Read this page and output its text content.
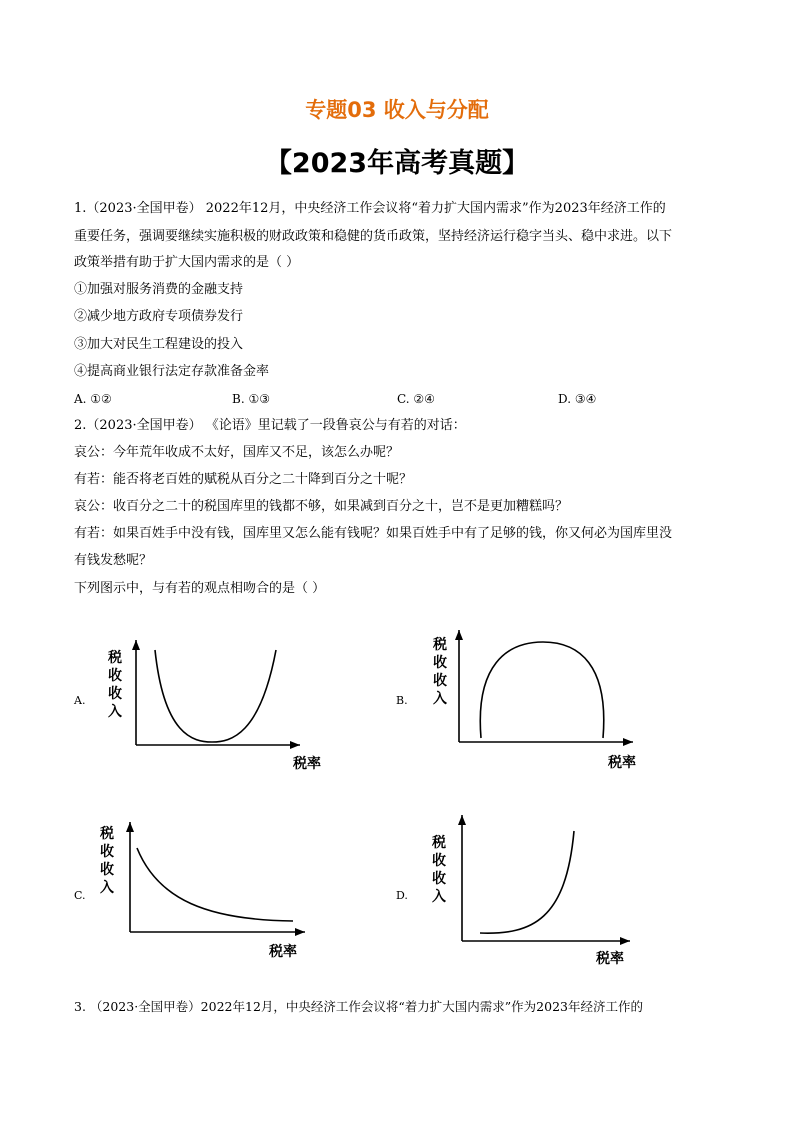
专题03 收入与分配
【2023年高考真题】
1.（2023·全国甲卷） 2022年12月，中央经济工作会议将“着力扩大国内需求”作为2023年经济工作的
重要任务，强调要继续实施积极的财政政策和稳健的货币政策，坚持经济运行稳字当头、稳中求进。以下
政策举措有助于扩大国内需求的是（ ）
①加强对服务消费的金融支持
②减少地方政府专项债券发行
③加大对民生工程建设的投入
④提高商业银行法定存款准备金率
A. ①②	B. ①③	C. ②④	D. ③④
2.（2023·全国甲卷） 《论语》里记载了一段鲁哀公与有若的对话：
哀公：今年荒年收成不太好，国库又不足，该怎么办呢？
有若：能否将老百姓的赋税从百分之二十降到百分之十呢？
哀公：收百分之二十的税国库里的钱都不够，如果减到百分之十，岂不是更加糟糕吗？
有若：如果百姓手中没有钱，国库里又怎么能有钱呢？如果百姓手中有了足够的钱，你又何必为国库里没
有钱发愁呢？
下列图示中，与有若的观点相吻合的是（ ）
A.
税
收
收
入
税率
B.
税
收
收
入
税率
C.
税
收
收
入
税率
D.
税
收
收
入
税率
3. （2023·全国甲卷）2022年12月，中央经济工作会议将“着力扩大国内需求”作为2023年经济工作的
